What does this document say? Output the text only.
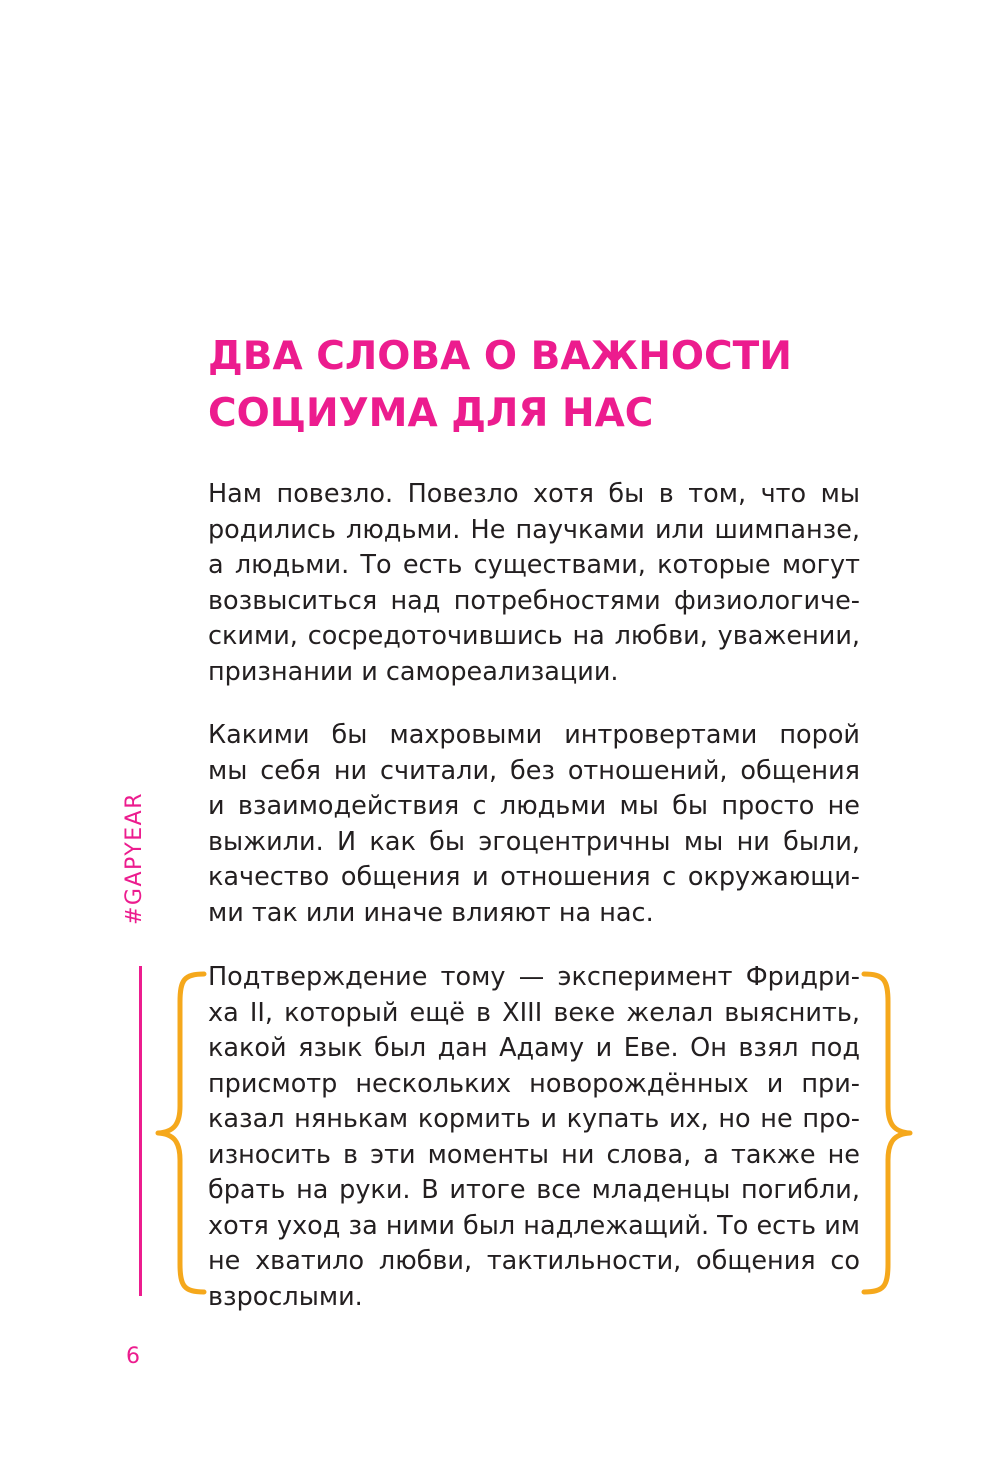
ДВА СЛОВА О ВАЖНОСТИ
СОЦИУМА ДЛЯ НАС
Нам повезло. Повезло хотя бы в том, что мы
родились людьми. Не паучками или шимпанзе,
а людьми. То есть существами, которые могут
возвыситься над потребностями физиологиче-
скими, сосредоточившись на любви, уважении,
признании и самореализации.
Какими бы махровыми интровертами порой
мы себя ни считали, без отношений, общения
и взаимодействия с людьми мы бы просто не
выжили. И как бы эгоцентричны мы ни были,
качество общения и отношения с окружающи-
ми так или иначе влияют на нас.
Подтверждение тому — эксперимент Фридри-
ха II, который ещё в XIII веке желал выяснить,
какой язык был дан Адаму и Еве. Он взял под
присмотр нескольких новорождённых и при-
казал нянькам кормить и купать их, но не про-
износить в эти моменты ни слова, а также не
брать на руки. В итоге все младенцы погибли,
хотя уход за ними был надлежащий. То есть им
не хватило любви, тактильности, общения со
взрослыми.
#GAPYEAR
6
